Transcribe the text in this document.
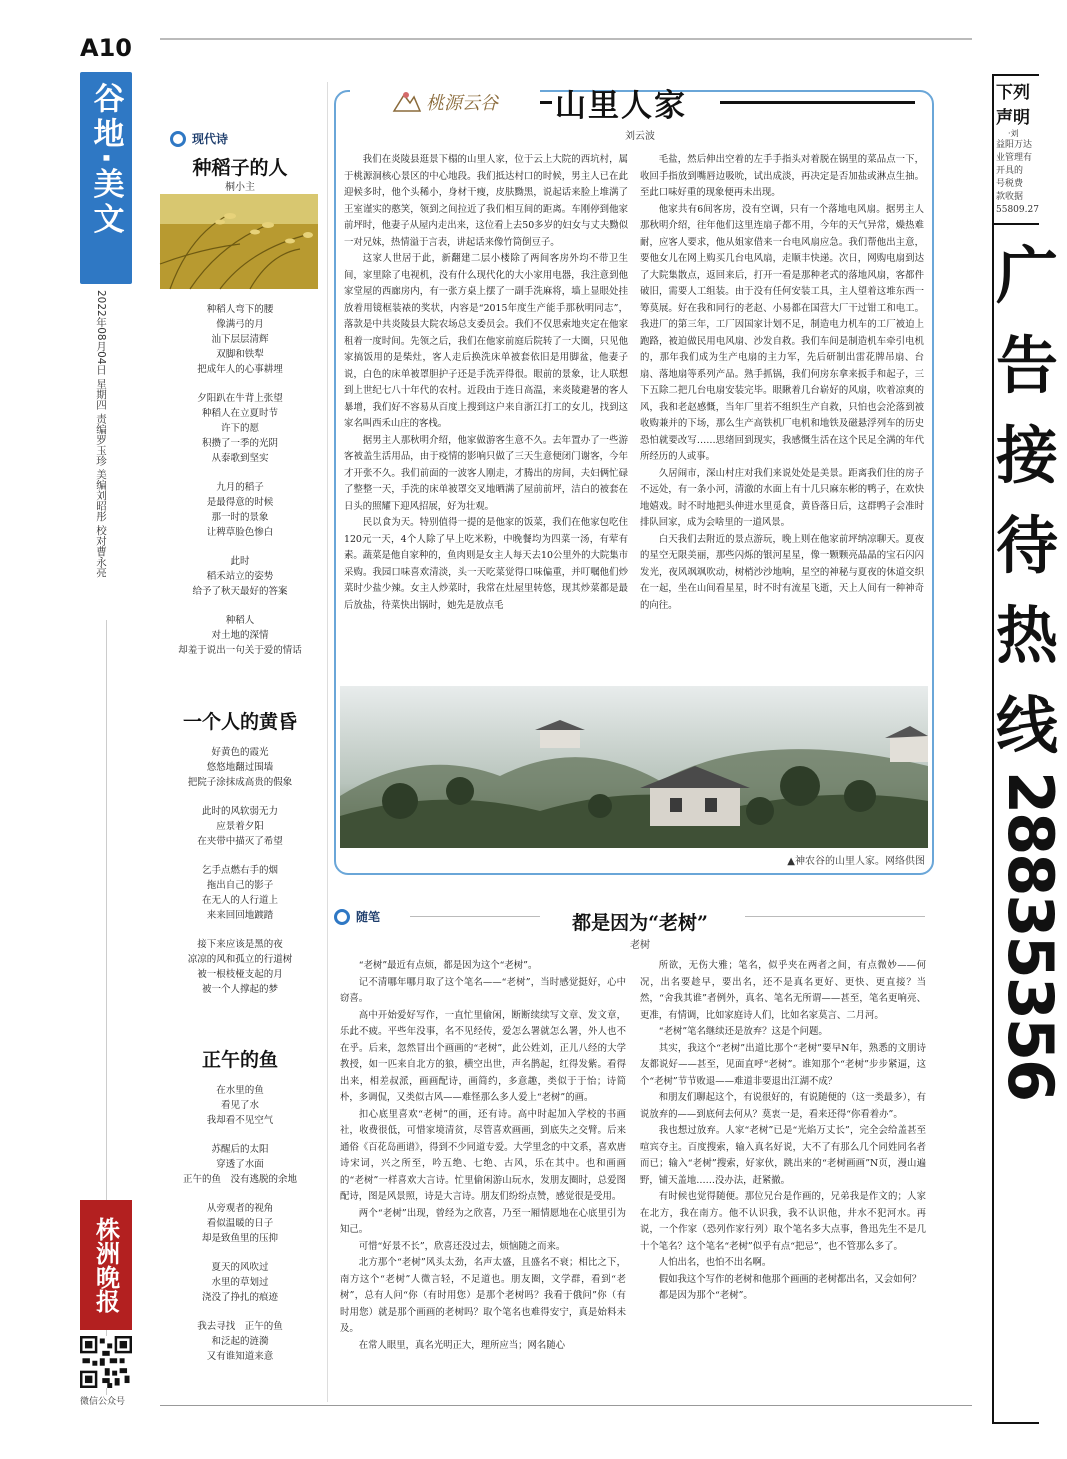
A10
谷地·美文
2022年08月04日 星期四 责编罗玉珍 美编刘昭彤 校对曹永亮
株洲晚报
微信公众号
现代诗
种稻子的人
桐小主
种稻人弯下的腰
像满弓的月
汕下层层清辉
双脚和铁犁
把成年人的心事耕埋
夕阳趴在牛背上张望
种稻人在立夏时节
许下的愿
积攒了一季的光阴
从泰歌到坚实
九月的稻子
是最得意的时候
那一时的景象
让稗草脸色惨白
此时
稻禾站立的姿势
给予了秋天最好的答案
种稻人
对土地的深情
却羞于说出一句关于爱的情话
一个人的黄昏
好黄色的霞光
悠悠地翻过围墙
把院子涂抹成高贵的假象
此时的风软弱无力
应景着夕阳
在夹带中描灭了希望
乞手点燃右手的烟
拖出自己的影子
在无人的人行道上
来来回回地踱踏
接下来应该是黑的夜
凉凉的风和孤立的行道树
被一根枝桠支起的月
被一个人撑起的梦
正午的鱼
在水里的鱼
看见了水
我却看不见空气
苏醒后的太阳
穿透了水面
正午的鱼　没有逃脱的余地
从旁观者的视角
看似温暖的日子
却是致鱼里的压抑
夏天的风吹过
水里的草划过
浇没了挣扎的痕迹
我去寻找　正午的鱼
和泛起的涟漪
又有谁知道来意
桃源云谷 山里人家
刘云波

我们在炎陵县逛景下榻的山里人家，位于云上大院的西坑村，属于桃源洞核心景区的中心地段。我们抵达村口的时候，男主人已在此迎候多时，他个头稀小，身材干瘦，皮肤黝黑，说起话来脸上堆满了王室谨实的憨笑，领到之间拉近了我们相互间的距离。车刚停到他家前坪时，他妻子从屋内走出来，这位看上去50多岁的妇女与丈夫黝似一对兄妹，热情溢于言表，讲起话来像竹筒倒豆子。

这家人世居于此，新翻建二层小楼除了两间客房外均不带卫生间，家里除了电视机，没有什么现代化的大小家用电器，我注意到他家堂屋的西廊房内，有一张方桌上摆了一副手洗麻将，墙上显眼处挂放着用镜框装裱的奖状，内容是“2015年度生产能手那秋明同志”，落款是中共炎陵县大院农场总支委员会。我们不仅思索地夹定在他家租着一度时间。先领之后，我们在他家前庭后院转了一大圈，只见他家搞饭用的是柴灶，客人走后换洗床单被套依旧是用脚盆，他妻子说，白色的床单被罩胆护子还是手洗弄得很。眼前的景象，让人联想到上世纪七八十年代的农村。近段由于连日高温，来炎陵避暑的客人暴增，我们好不容易从百度上搜到这户来自浙江打工的女儿，找到这家名叫西禾山庄的客栈。

据男主人那秋明介绍，他家做游客生意不久。去年置办了一些游客被盖生活用品，由于疫情的影响只做了三天生意便闭门谢客，今年才开张不久。我们前面的一波客人刚走，才腾出的房间，夫妇俩忙碌了整整一天，手洗的床单被罩交叉地晒满了屋前前坪，洁白的被套在日头的照耀下迎风招展，好为壮观。

民以食为天。特别值得一提的是他家的饭菜，我们在他家包吃住120元一天，4个人除了早上吃米粉，中晚餐均为四菜一汤，有荤有素。蔬菜是他自家种的，鱼肉则是女主人每天去10公里外的大院集市采购。我园口味喜欢清淡，头一天吃菜觉得口味偏重，并叮嘱他们炒菜时少盐少辣。女主人炒菜时，我常在灶屋里转悠，现其炒菜都是最后放盐，待菜快出锅时，她先是放点毛

毛盐，然后伸出空着的左手手指头对着脱在锅里的菜品点一下，收回手指放到嘴唇边吸吮，试出成淡，再决定是否加盐或淋点生抽。至此口味好重的现象便再未出现。

他家共有6间客房，没有空调，只有一个落地电风扇。据男主人那秋明介绍，往年他们这里连扇子都不用，今年的天气异常，燥热难耐，应客人要求，他从姐家借来一台电风扇应急。我们帮他出主意，要他女儿在网上购买几台电风扇，走顺丰快递。次日，网购电扇到达了大院集散点，返回来后，打开一看是那种老式的落地风扇，客都件破旧，需要人工组装。由于没有任何安装工具，主人望着这堆东西一筹莫展。好在我和同行的老赵、小易都在国营大厂干过钳工和电工。我进厂的第三年，工厂因国家计划不足，制造电力机车的工厂被迫上跑路，被迫做民用电风扇、沙发自救。我们车间是制造机车牵引电机的，那年我们成为生产电扇的主力军，先后研制出雷花牌吊扇、台扇、落地扇等系列产品。熟手抓锅，我们何房东拿来扳手和起子，三下五除二把几台电扇安装完毕。眼瞅着几台崭好的风扇，吹着凉爽的风，我和老赵感慨，当年厂里若不组织生产自救，只怕也会沦落到被收购兼并的下场，那么生产高铁机厂电机和地铁及磁悬浮列车的历史恐怕就要改写……思绪回到现实，我感慨生活在这个民足全满的年代所经历的人或事。

久居闹市，深山村庄对我们来说处处是美景。距离我们住的房子不远处，有一条小河，清澈的水面上有十几只麻东彬的鸭子，在欢快地嬉戏。时不时地把头伸进水里觅食，黄昏落日后，这群鸭子会准时排队回家，成为会啥里的一道风景。

白天我们去附近的景点游玩，晚上则在他家前坪纳凉聊天。夏夜的星空无限美丽，那些闪烁的银河星星，像一颗颗亮晶晶的宝石闪闪发光，夜风飒飒吹动，树梢沙沙地响，星空的神秘与夏夜的休道交织在一起，坐在山间看星星，时不时有流星飞逝，天上人间有一种神奇的向往。

▲神农谷的山里人家。网络供图
随笔	都是因为“老树”
老树

“老树”最近有点烦，都是因为这个“老树”。

记不清哪年哪月取了这个笔名——“老树”，当时感觉挺好，心中窃喜。

高中开始爱好写作，一直忙里偷闲，断断续续写文章、发文章，乐此不疲。平些年没事，名不见经传，爱怎么署就怎么署，外人也不在乎。后来，忽然冒出个画画的“老树”，此公姓刘，正儿八经的大学教授，如一匹来自北方的狼，横空出世，声名鹊起，红得发紫。看得出来，相差叔派，画画配诗，画简约，多意趣，类似于于怡；诗简朴，多调侃，又类似古风——难怪那么多人爱上“老树”的画。

扣心底里喜欢“老树”的画，还有诗。高中时起加入学校的书画社，收费很低，可惜家境清贫，尽管喜欢画画，到底失之交臂。后来通俗《百花岛画谱》，得到不少同道专爱。大学里念的中文系，喜欢唐诗宋词，兴之所至，吟五绝、七绝、古风，乐在其中。也和画画的“老树”一样喜欢大言诗。忙里偷闲游山玩水，发朋友圈时，总爱图配诗，图是风景照，诗是大言诗。朋友们纷纷点赞，感觉很是受用。

两个“老树”出现，曾经为之欣喜，乃至一厢情愿地在心底里引为知己。

可惜“好景不长”，欣喜还没过去，烦恼随之而来。

北方那个“老树”风头太劲，名声太盛，且盛名不衰；相比之下，南方这个“老树”人微言轻，不足道也。朋友圈，文学群，看到“老树”，总有人问“你（有时用您）是那个老树吗？我看于俄问”你（有时用您）就是那个画画的老树吗？取个笔名也难得安宁，真是始料未及。

在常人眼里，真名光明正大，理所应当；网名随心

所欲，无伤大雅；笔名，似乎夹在两者之间，有点微妙——何况，出名要趁早，要出名，还不是真名更好、更快、更直接？当然，“舍我其谁”者例外，真名、笔名无所谓——甚至，笔名更响亮、更准，有情调，比如家庭诗人们，比如名家莫言、二月河。

“老树”笔名继续还是放弃？这是个问题。

其实，我这个“老树”出道比那个“老树”要早N年，熟悉的文朋诗友都说好——甚至，见面直呼“老树”。谁知那个“老树”步步紧逼，这个“老树”节节败退——难道非要退出江湖不成？

和朋友们聊起这个，有说很好的，有说随便的（这一类最多），有说放弃的——到底何去何从？莫衷一是，看来还得“你看着办”。

我也想过放弃。人家“老树”已是“光焰万丈长”，完全会给盖甚至喧宾夺主。百度搜索，输入真名好说，大不了有那么几个同姓同名者而已；输入“老树”搜索，好家伙，跳出来的“老树画画”N页，漫山遍野，铺天盖地……没办法，赶紧撤。

有时候也觉得随便。那位兄台是作画的，兄弟我是作文的；人家在北方，我在南方。他不认识我，我不认识他，井水不犯河水。再说，一个作家（恐列作家行列）取个笔名多大点事，鲁迅先生不是几十个笔名？这个笔名“老树”似乎有点“把忌”，也不管那么多了。

人怕出名，也怕不出名啊。

假如我这个写作的老树和他那个画画的老树都出名，又会如何？

都是因为那个“老树”。

下列
声明
·刘
益阳万达
业管理有
开具的
号税费
款收据
55809.27
广
告
接
待
热
线
28835356
